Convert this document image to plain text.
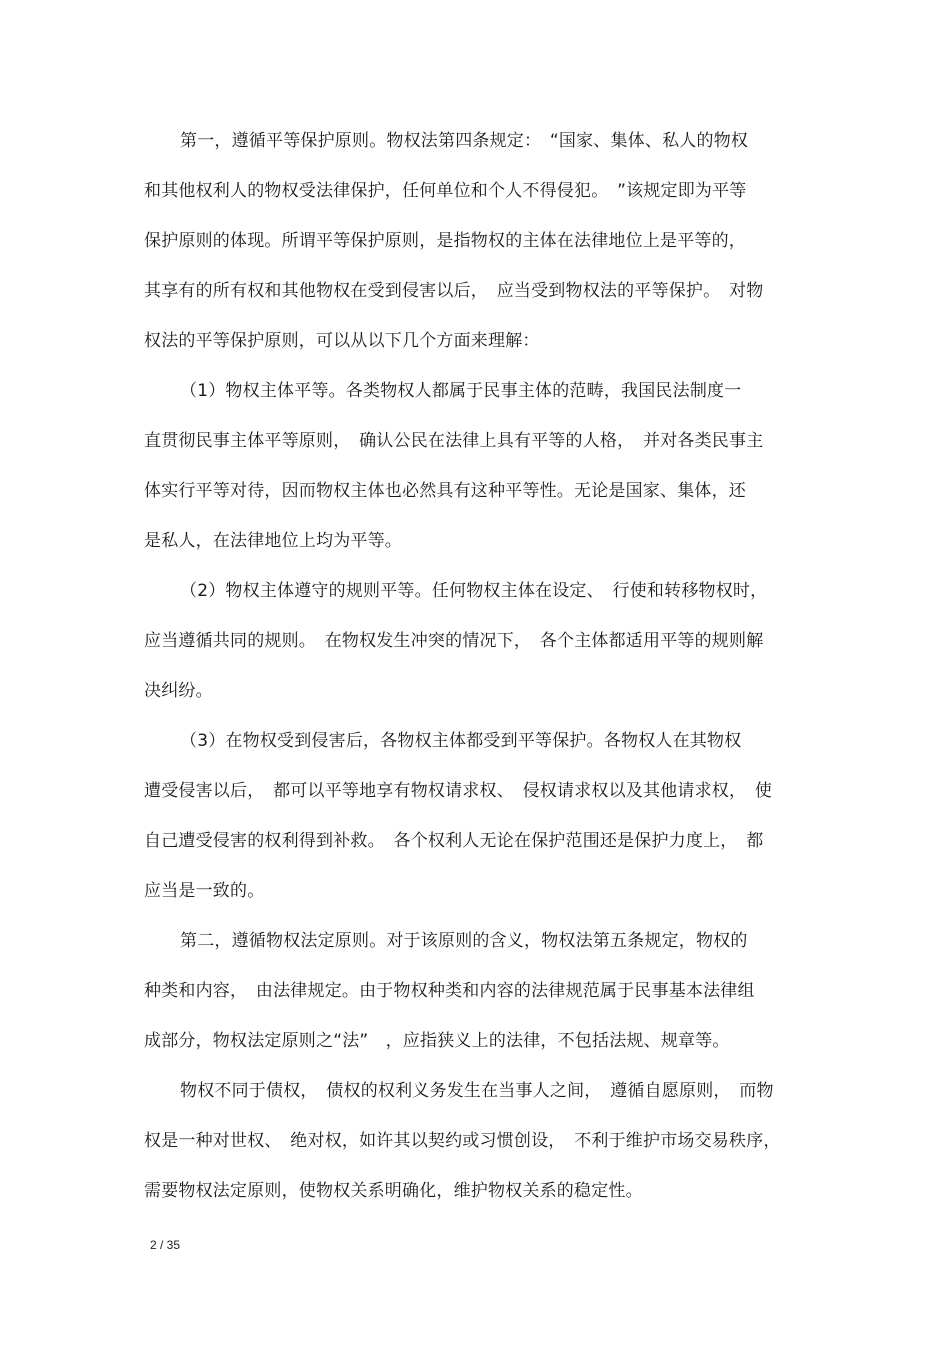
第一，遵循平等保护原则。物权法第四条规定：　“国家、集体、私人的物权
和其他权利人的物权受法律保护，任何单位和个人不得侵犯。　”该规定即为平等
保护原则的体现。所谓平等保护原则，是指物权的主体在法律地位上是平等的，
其享有的所有权和其他物权在受到侵害以后，　应当受到物权法的平等保护。　对物
权法的平等保护原则，可以从以下几个方面来理解：
（1）物权主体平等。各类物权人都属于民事主体的范畴，我国民法制度一
直贯彻民事主体平等原则，　确认公民在法律上具有平等的人格，　并对各类民事主
体实行平等对待，因而物权主体也必然具有这种平等性。无论是国家、集体，还
是私人，在法律地位上均为平等。
（2）物权主体遵守的规则平等。任何物权主体在设定、　行使和转移物权时，
应当遵循共同的规则。　在物权发生冲突的情况下，　各个主体都适用平等的规则解
决纠纷。
（3）在物权受到侵害后，各物权主体都受到平等保护。各物权人在其物权
遭受侵害以后，　都可以平等地享有物权请求权、　侵权请求权以及其他请求权，　使
自己遭受侵害的权利得到补救。　各个权利人无论在保护范围还是保护力度上，　都
应当是一致的。
第二，遵循物权法定原则。对于该原则的含义，物权法第五条规定，物权的
种类和内容，　由法律规定。由于物权种类和内容的法律规范属于民事基本法律组
成部分，物权法定原则之“法”　，应指狭义上的法律，不包括法规、规章等。
物权不同于债权，　债权的权利义务发生在当事人之间，　遵循自愿原则，　而物
权是一种对世权、　绝对权，如许其以契约或习惯创设，　不利于维护市场交易秩序，
需要物权法定原则，使物权关系明确化，维护物权关系的稳定性。
2 / 35
